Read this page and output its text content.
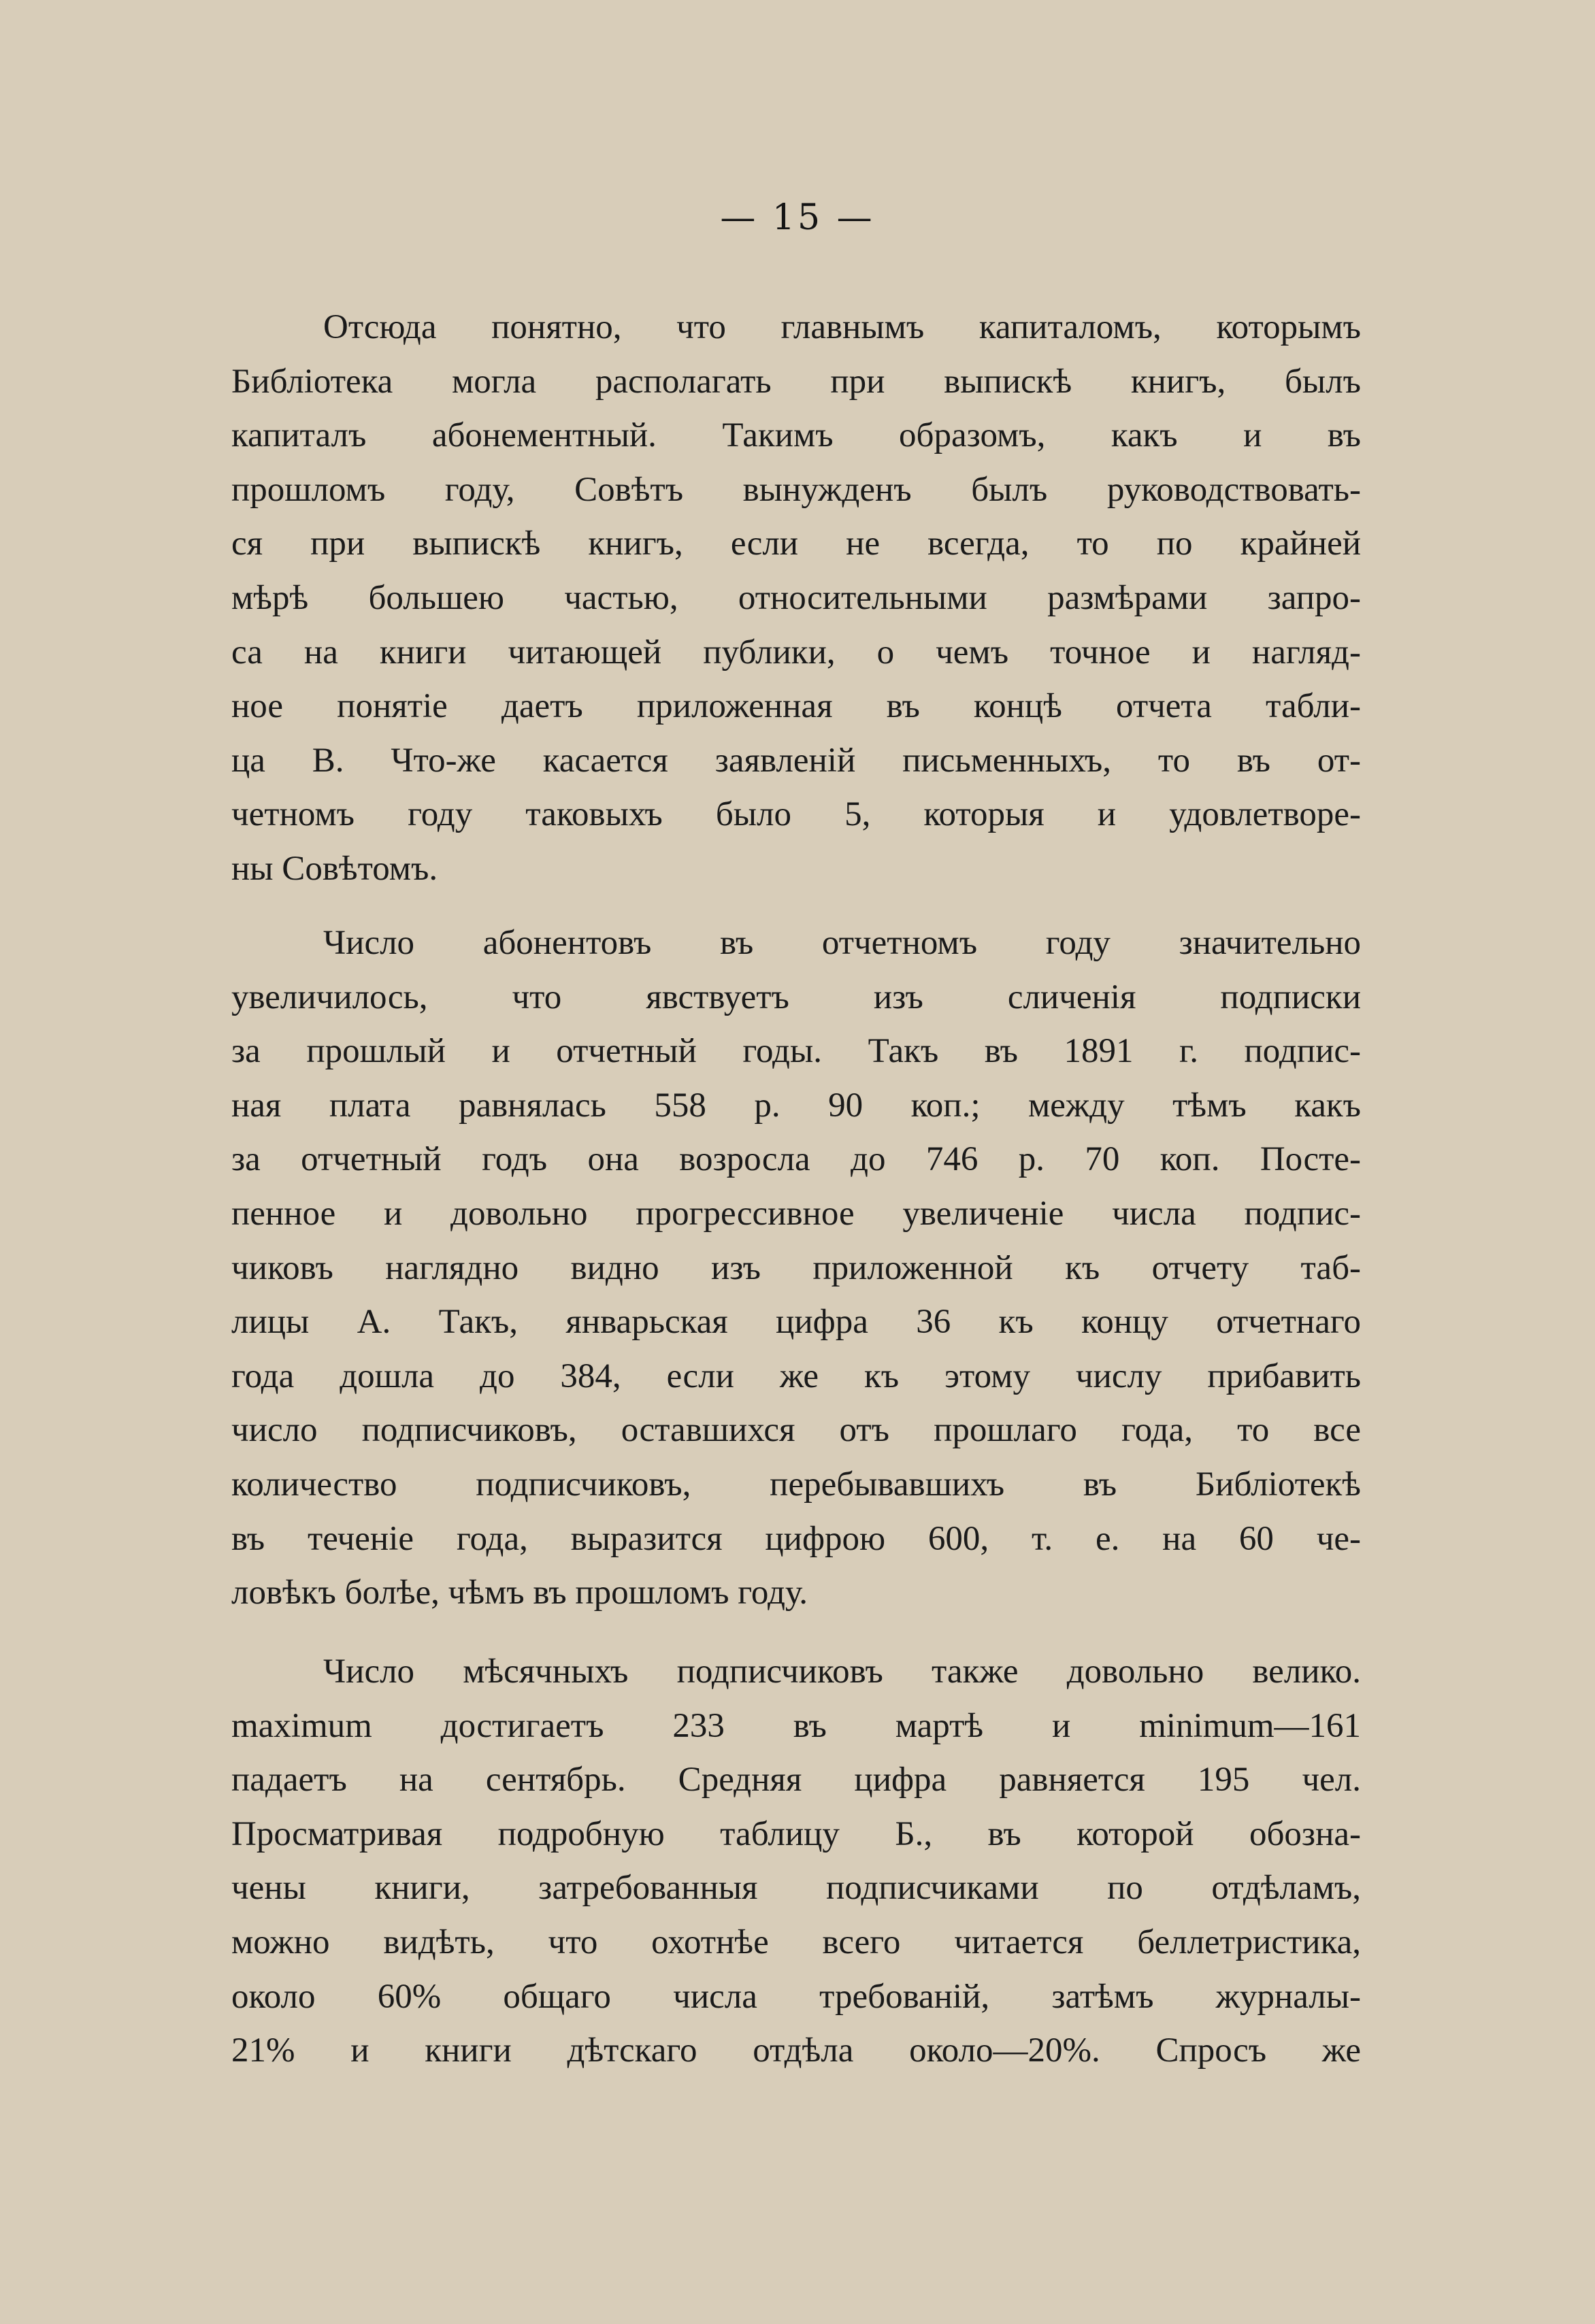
— 15 —
Отсюда понятно, что главнымъ капиталомъ, которымъ
Библіотека могла располагать при выпискѣ книгъ, былъ
капиталъ абонементный. Такимъ образомъ, какъ и въ
прошломъ году, Совѣтъ вынужденъ былъ руководствовать-
ся при выпискѣ книгъ, если не всегда, то по крайней
мѣрѣ большею частью, относительными размѣрами запро-
са на книги читающей публики, о чемъ точное и нагляд-
ное понятіе даетъ приложенная въ концѣ отчета табли-
ца В. Что-же касается заявленій письменныхъ, то въ от-
четномъ году таковыхъ было 5, которыя и удовлетворе-
ны Совѣтомъ.
Число абонентовъ въ отчетномъ году значительно
увеличилось, что явствуетъ изъ сличенія подписки
за прошлый и отчетный годы. Такъ въ 1891 г. подпис-
ная плата равнялась 558 р. 90 коп.; между тѣмъ какъ
за отчетный годъ она возросла до 746 р. 70 коп. Посте-
пенное и довольно прогрессивное увеличеніе числа подпис-
чиковъ наглядно видно изъ приложенной къ отчету таб-
лицы А. Такъ, январьская цифра 36 къ концу отчетнаго
года дошла до 384, если же къ этому числу прибавить
число подписчиковъ, оставшихся отъ прошлаго года, то все
количество подписчиковъ, перебывавшихъ въ Библіотекѣ
въ теченіе года, выразится цифрою 600, т. е. на 60 че-
ловѣкъ болѣе, чѣмъ въ прошломъ году.
Число мѣсячныхъ подписчиковъ также довольно велико.
maximum достигаетъ 233 въ мартѣ и minimum—161
падаетъ на сентябрь. Средняя цифра равняется 195 чел.
Просматривая подробную таблицу Б., въ которой обозна-
чены книги, затребованныя подписчиками по отдѣламъ,
можно видѣть, что охотнѣе всего читается беллетристика,
около 60% общаго числа требованій, затѣмъ журналы-
21% и книги дѣтскаго отдѣла около—20%. Спросъ же
